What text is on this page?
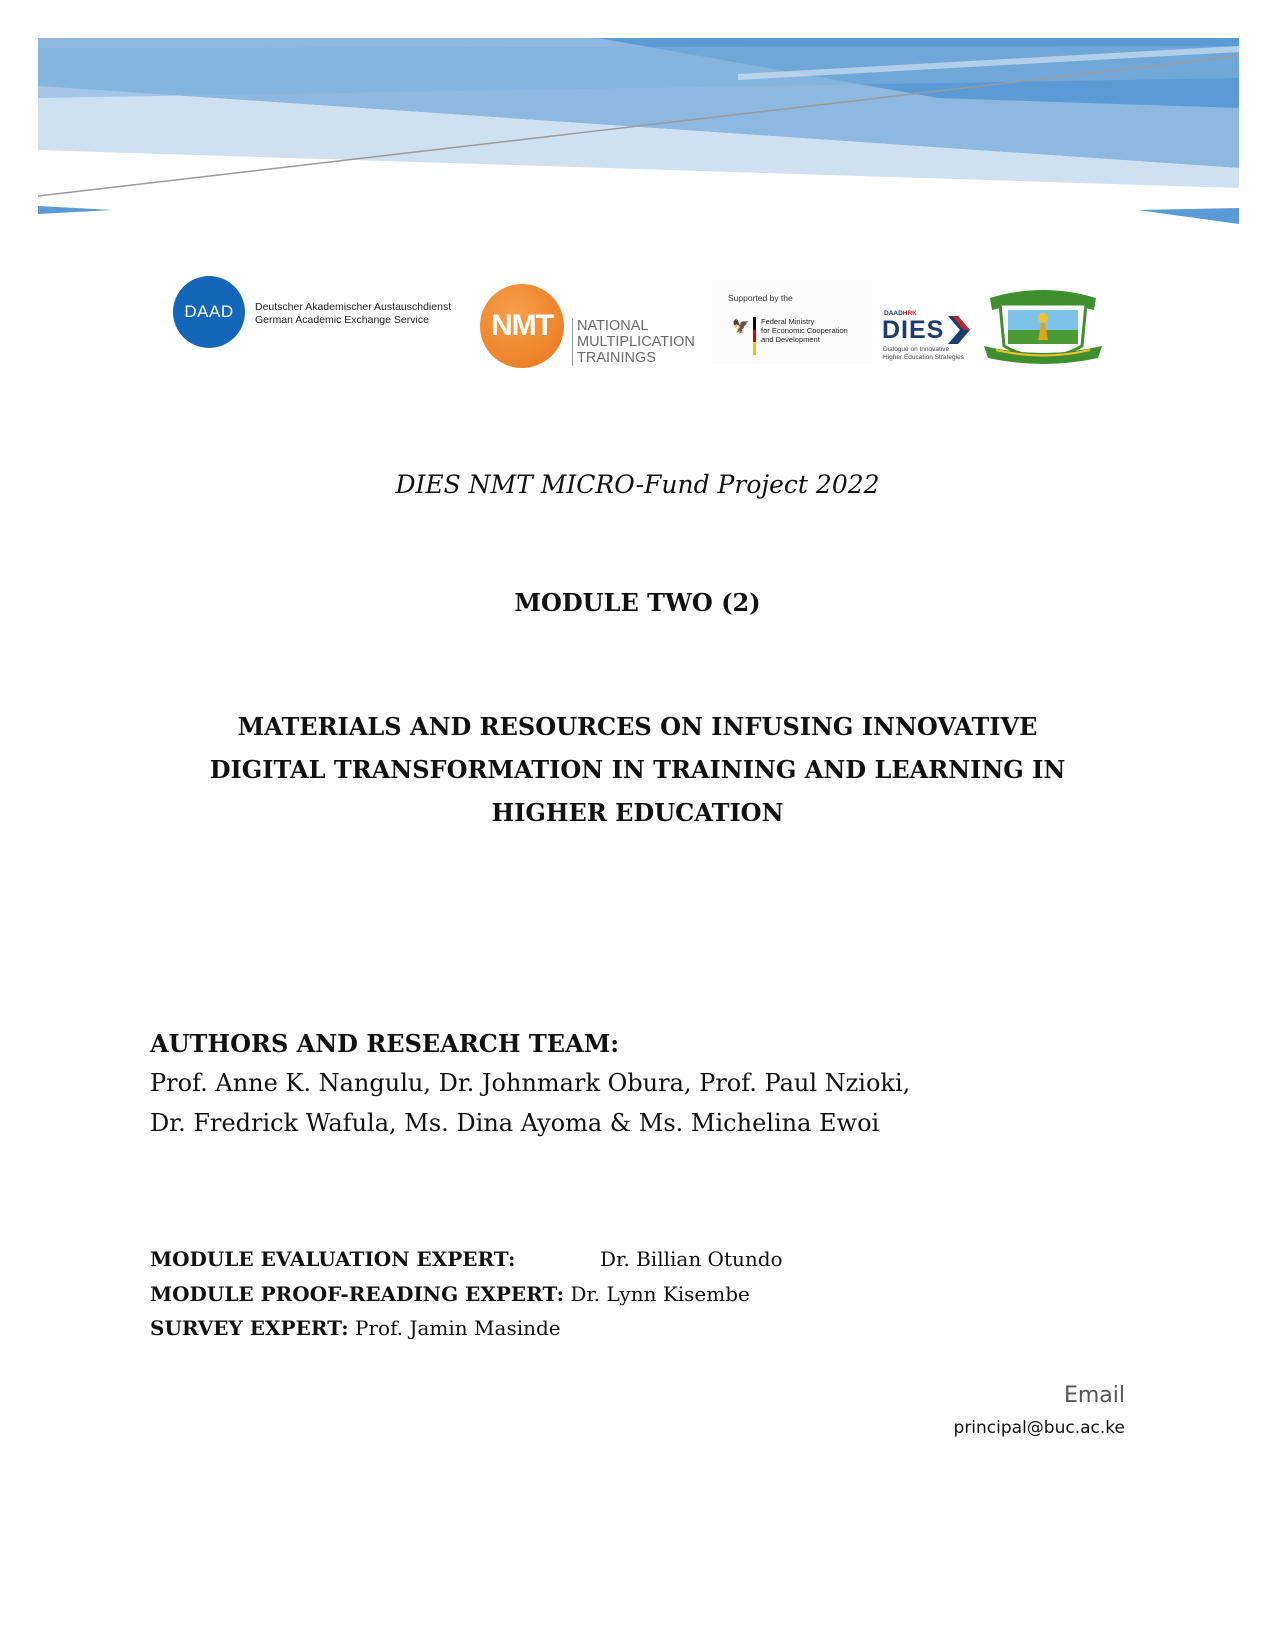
DAAD Deutscher Akademischer Austauschdienst
German Academic Exchange Service	NMT NATIONAL
MULTIPLICATION
TRAININGS
Supported by the
🦅 Federal Ministry
for Economic Cooperation
and Development
DAADHRK
DIES
Dialogue on Innovative
Higher Education Strategies
DIES NMT MICRO-Fund Project 2022
MODULE TWO (2)
MATERIALS AND RESOURCES ON INFUSING INNOVATIVE
DIGITAL TRANSFORMATION IN TRAINING AND LEARNING IN
HIGHER EDUCATION
AUTHORS AND RESEARCH TEAM:
Prof. Anne K. Nangulu, Dr. Johnmark Obura, Prof. Paul Nzioki,
Dr. Fredrick Wafula, Ms. Dina Ayoma & Ms. Michelina Ewoi
MODULE EVALUATION EXPERT:	Dr. Billian Otundo
MODULE PROOF-READING EXPERT: Dr. Lynn Kisembe
SURVEY EXPERT: Prof. Jamin Masinde
Email
principal@buc.ac.ke
